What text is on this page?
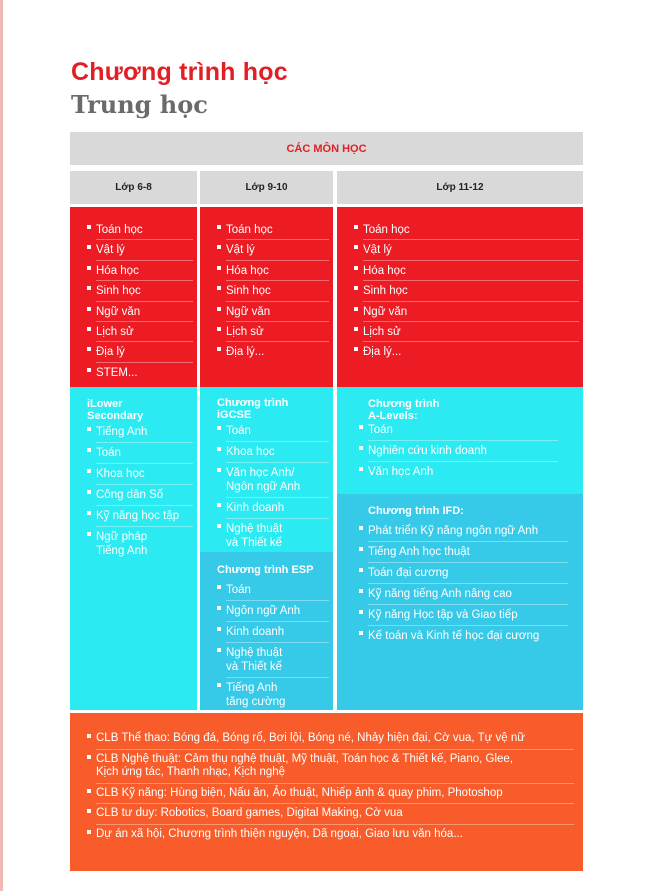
Chương trình học
Trung học
CÁC MÔN HỌC
Lớp 6-8	Lớp 9-10	Lớp 11-12
Toán học
Vật lý
Hóa học
Sinh học
Ngữ văn
Lịch sử
Địa lý
STEM...
Toán học
Vật lý
Hóa học
Sinh học
Ngữ văn
Lịch sử
Địa lý...
Toán học
Vật lý
Hóa học
Sinh học
Ngữ văn
Lịch sử
Địa lý...
iLower
Secondary
Tiếng Anh
Toán
Khoa học
Công dân Số
Kỹ năng học tập
Ngữ pháp
Tiếng Anh
Chương trình
iGCSE
Toán
Khoa học
Văn học Anh/
Ngôn ngữ Anh
Kinh doanh
Nghệ thuật
và Thiết kế
Chương trình ESP
Toán
Ngôn ngữ Anh
Kinh doanh
Nghệ thuật
và Thiết kế
Tiếng Anh
tăng cường
Chương trình
A-Levels:
Toán
Nghiên cứu kinh doanh
Văn học Anh
Chương trình IFD:
Phát triển Kỹ năng ngôn ngữ Anh
Tiếng Anh học thuật
Toán đại cương
Kỹ năng tiếng Anh nâng cao
Kỹ năng Học tập và Giao tiếp
Kế toán và Kinh tế học đại cương
CLB Thể thao: Bóng đá, Bóng rổ, Bơi lội, Bóng né, Nhảy hiện đại, Cờ vua, Tự vệ nữ
CLB Nghệ thuật: Cảm thụ nghệ thuật, Mỹ thuật, Toán học & Thiết kế, Piano, Glee,
Kịch ứng tác, Thanh nhạc, Kịch nghệ
CLB Kỹ năng: Hùng biện, Nấu ăn, Ảo thuật, Nhiếp ảnh & quay phim, Photoshop
CLB tư duy: Robotics, Board games, Digital Making, Cờ vua
Dự án xã hội, Chương trình thiện nguyện, Dã ngoại, Giao lưu văn hóa...
